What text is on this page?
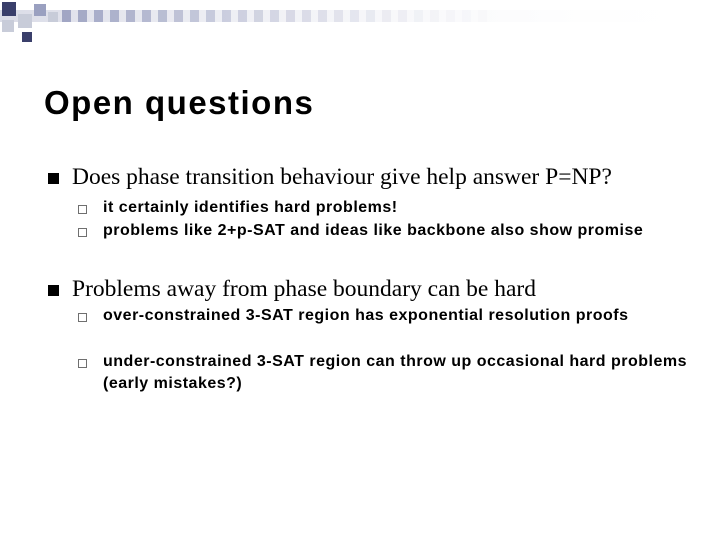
Open questions
Does phase transition behaviour give help answer P=NP?
it certainly identifies hard problems!
problems like 2+p-SAT and ideas like backbone also show promise
Problems away from phase boundary can be hard
over-constrained 3-SAT region has exponential resolution proofs
under-constrained 3-SAT region can throw up occasional hard problems (early mistakes?)
